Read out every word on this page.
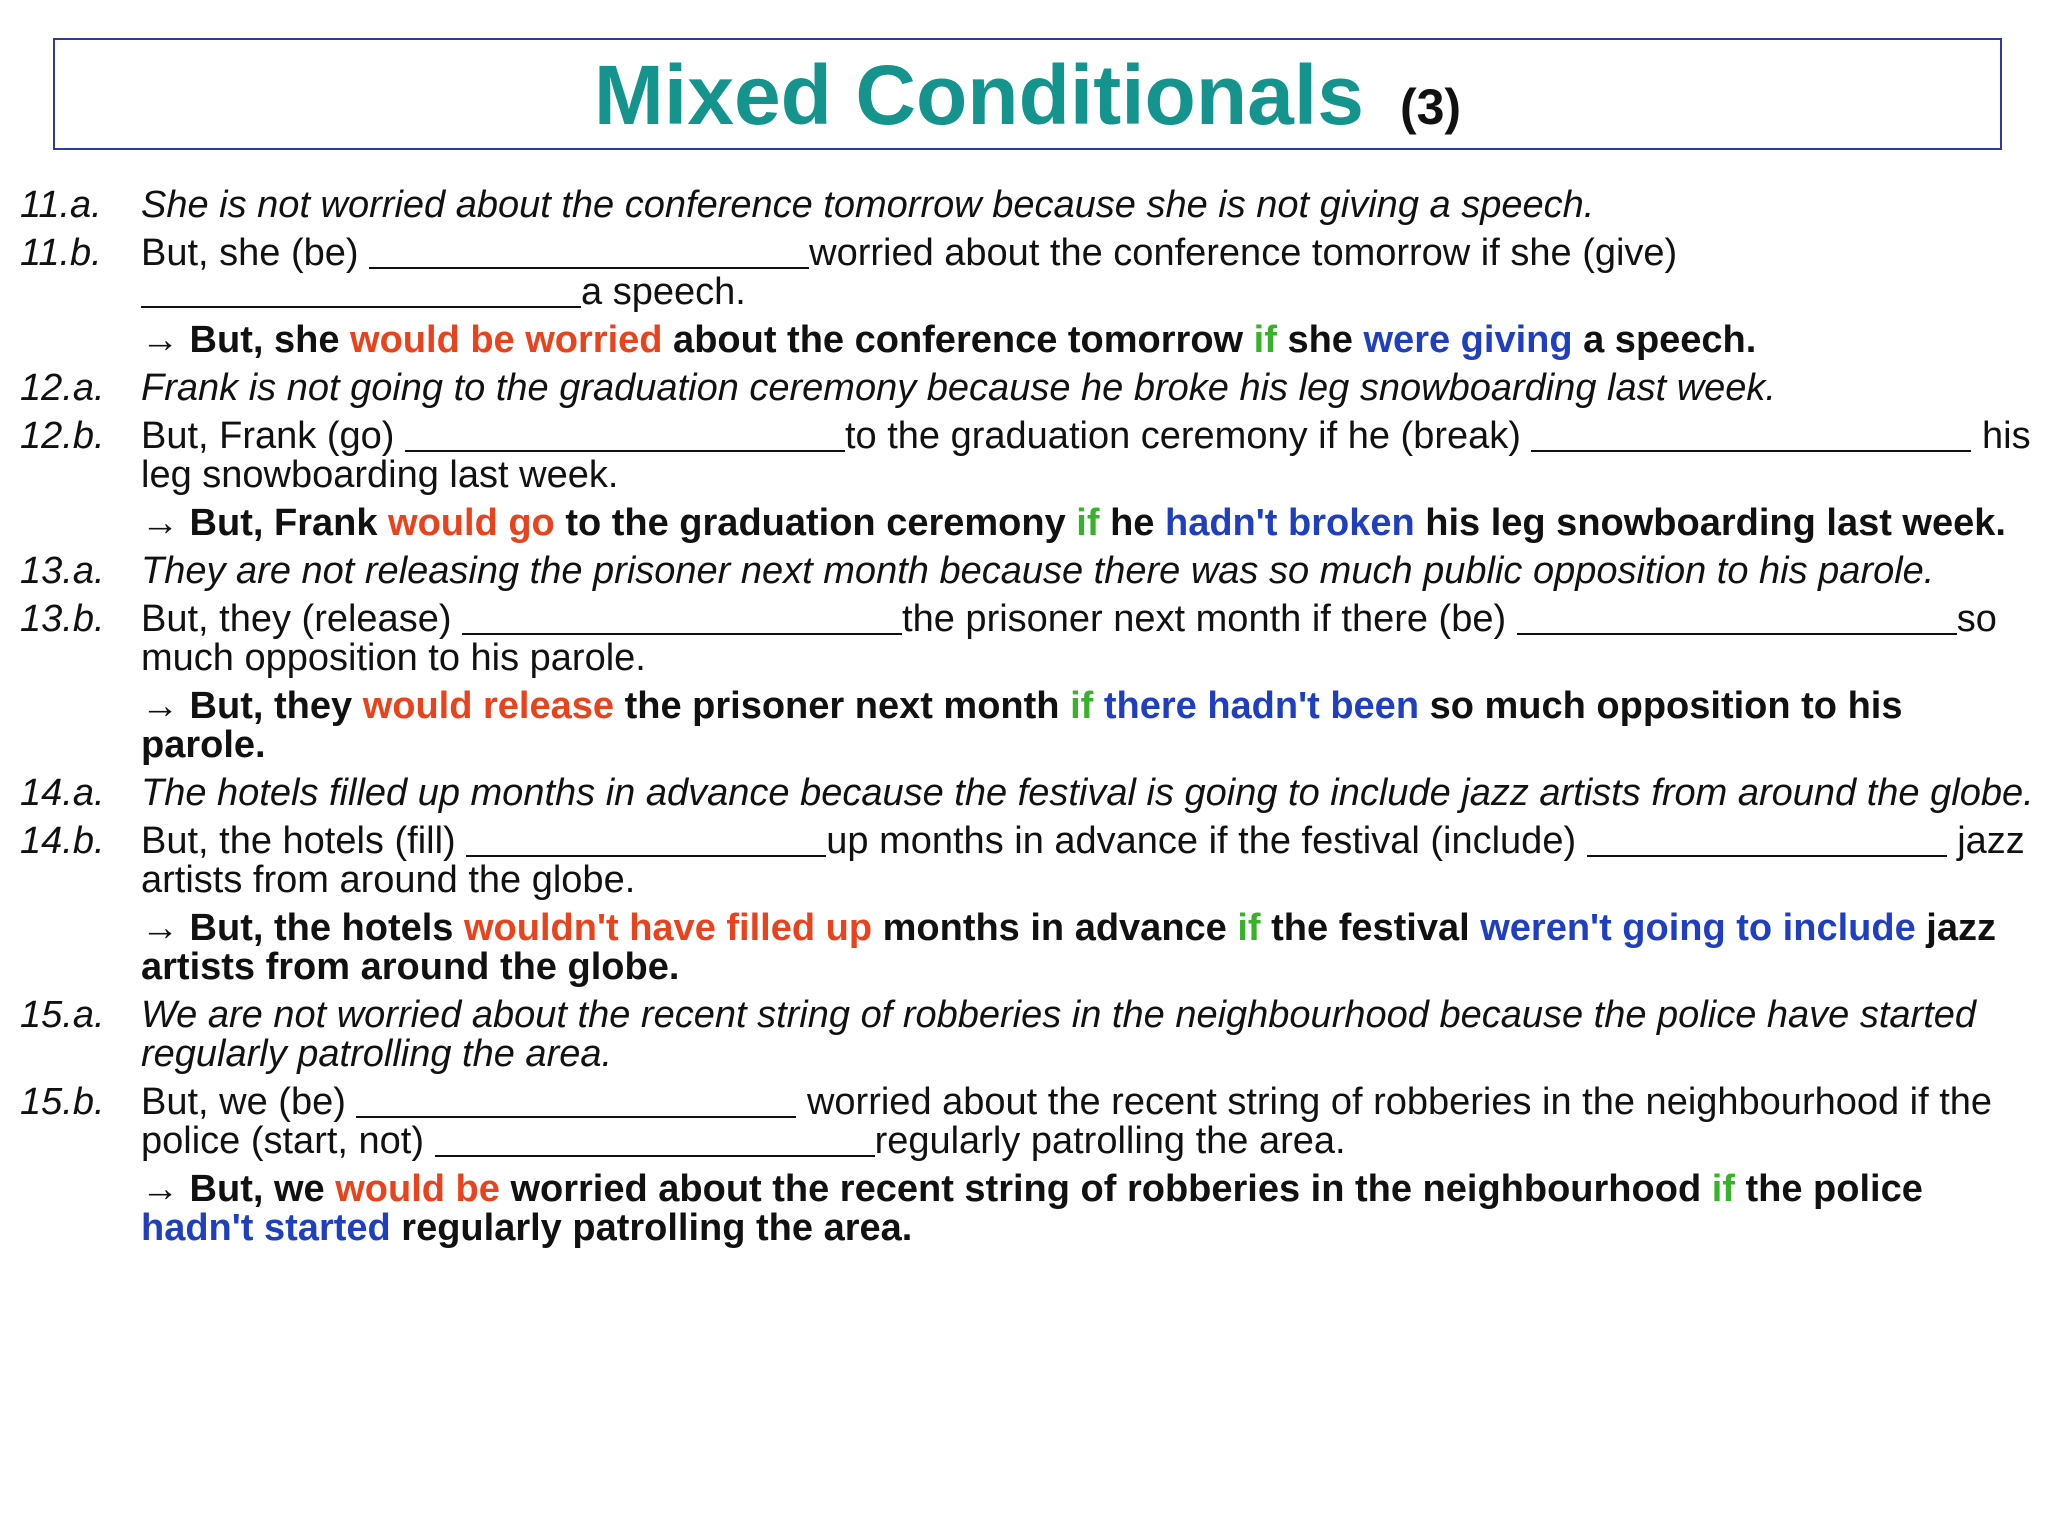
Mixed Conditionals (3)
11.a. She is not worried about the conference tomorrow because she is not giving a speech.
11.b. But, she (be)	worried about the conference tomorrow if she (give) a speech.
→ But, she would be worried about the conference tomorrow if she were giving a speech.
12.a. Frank is not going to the graduation ceremony because he broke his leg snowboarding last week.
12.b. But, Frank (go)	to the graduation ceremony if he (break)	his leg snowboarding last week.
→ But, Frank would go to the graduation ceremony if he hadn't broken his leg snowboarding last week.
13.a. They are not releasing the prisoner next month because there was so much public opposition to his parole.
13.b. But, they (release)	the prisoner next month if there (be)	so much opposition to his parole.
→ But, they would release the prisoner next month if there hadn't been so much opposition to his parole.
14.a. The hotels filled up months in advance because the festival is going to include jazz artists from around the globe.
14.b. But, the hotels (fill)	up months in advance if the festival (include)	jazz artists from around the globe.
→ But, the hotels wouldn't have filled up months in advance if the festival weren't going to include jazz artists from around the globe.
15.a. We are not worried about the recent string of robberies in the neighbourhood because the police have started regularly patrolling the area.
15.b. But, we (be)	worried about the recent string of robberies in the neighbourhood if the police (start, not)	regularly patrolling the area.
→ But, we would be worried about the recent string of robberies in the neighbourhood if the police hadn't started regularly patrolling the area.
